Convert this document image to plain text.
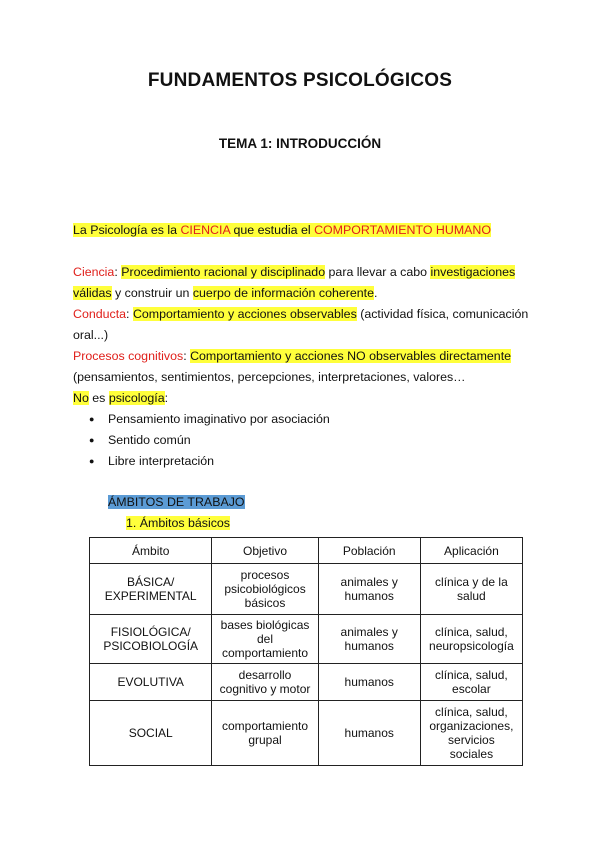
FUNDAMENTOS PSICOLÓGICOS
TEMA 1: INTRODUCCIÓN

La Psicología es la CIENCIA que estudia el COMPORTAMIENTO HUMANO

Ciencia: Procedimiento racional y disciplinado para llevar a cabo investigaciones válidas y construir un cuerpo de información coherente.

Conducta: Comportamiento y acciones observables (actividad física, comunicación oral...)

Procesos cognitivos: Comportamiento y acciones NO observables directamente (pensamientos, sentimientos, percepciones, interpretaciones, valores…

No es psicología:

● Pensamiento imaginativo por asociación
● Sentido común
● Libre interpretación
ÁMBITOS DE TRABAJO
1. Ámbitos básicos
Ámbito	Objetivo	Población	Aplicación
BÁSICA/ EXPERIMENTAL	procesos psicobiológicos básicos	animales y humanos	clínica y de la salud
FISIOLÓGICA/ PSICOBIOLOGÍA	bases biológicas del comportamiento	animales y humanos	clínica, salud, neuropsicología
EVOLUTIVA	desarrollo cognitivo y motor	humanos	clínica, salud, escolar
SOCIAL	comportamiento grupal	humanos	clínica, salud, organizaciones, servicios sociales
